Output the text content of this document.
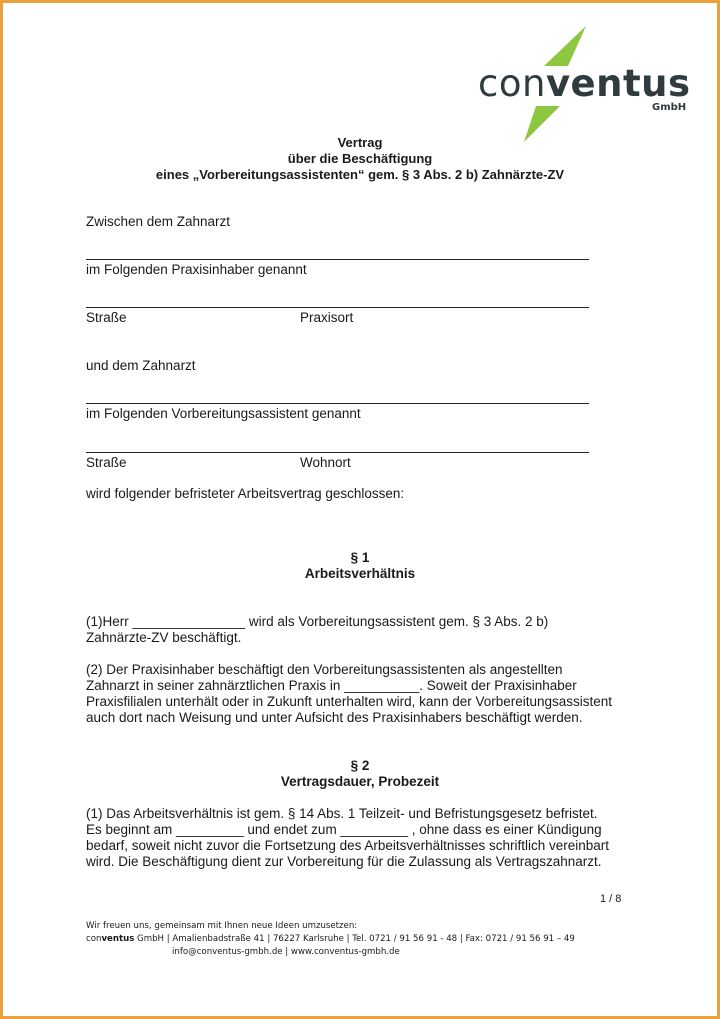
conventus
GmbH
Vertrag
über die Beschäftigung
eines „Vorbereitungsassistenten“ gem. § 3 Abs. 2 b) Zahnärzte-ZV
Zwischen dem Zahnarzt
im Folgenden Praxisinhaber genannt
Straße	Praxisort
und dem Zahnarzt
im Folgenden Vorbereitungsassistent genannt
Straße	Wohnort
wird folgender befristeter Arbeitsvertrag geschlossen:
§ 1
Arbeitsverhältnis
(1)Herr _______________ wird als Vorbereitungsassistent gem. § 3 Abs. 2 b)
Zahnärzte-ZV beschäftigt.
(2) Der Praxisinhaber beschäftigt den Vorbereitungsassistenten als angestellten
Zahnarzt in seiner zahnärztlichen Praxis in __________. Soweit der Praxisinhaber
Praxisfilialen unterhält oder in Zukunft unterhalten wird, kann der Vorbereitungsassistent
auch dort nach Weisung und unter Aufsicht des Praxisinhabers beschäftigt werden.
§ 2
Vertragsdauer, Probezeit
(1) Das Arbeitsverhältnis ist gem. § 14 Abs. 1 Teilzeit- und Befristungsgesetz befristet.
Es beginnt am _________ und endet zum _________ , ohne dass es einer Kündigung
bedarf, soweit nicht zuvor die Fortsetzung des Arbeitsverhältnisses schriftlich vereinbart
wird. Die Beschäftigung dient zur Vorbereitung für die Zulassung als Vertragszahnarzt.
1 / 8
Wir freuen uns, gemeinsam mit Ihnen neue Ideen umzusetzen:
conventus GmbH | Amalienbadstraße 41 | 76227 Karlsruhe | Tel. 0721 / 91 56 91 - 48 | Fax: 0721 / 91 56 91 – 49
info@conventus-gmbh.de | www.conventus-gmbh.de
